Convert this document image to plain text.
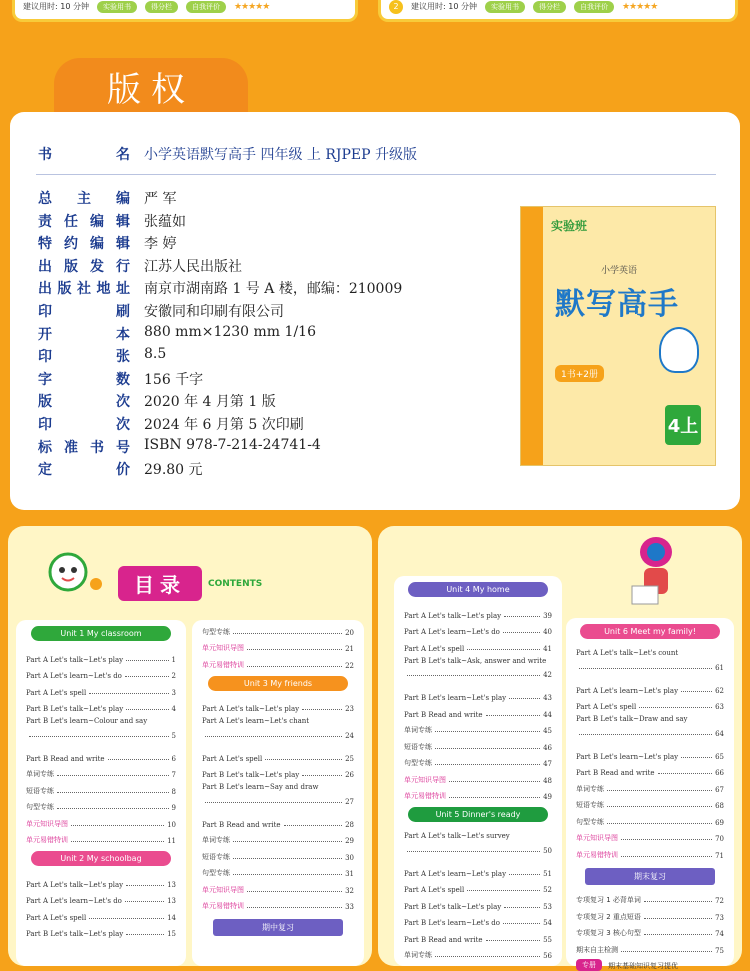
建议用时: 10 分钟	实验用书	得分栏	自我评价	★★★★★	2	建议用时: 10 分钟	实验用书	得分栏	自我评价	★★★★★
版权
书 名 小学英语默写高手 四年级 上 RJPEP 升级版
总主编 严 军
责任编辑 张蕴如
特约编辑 李 婷
出版发行 江苏人民出版社
出版社地址 南京市湖南路 1 号 A 楼，邮编：210009
印 刷 安徽同和印刷有限公司
开 本 880 mm×1230 mm 1/16
印 张 8.5
字 数 156 千字
版 次 2020 年 4 月第 1 版
印 次 2024 年 6 月第 5 次印刷
标准书号 ISBN 978-7-214-24741-4
定 价 29.80 元
实验班
小学英语
默写高手
1书+2册
4上
目录	CONTENTS
Unit 1 My classroom
Part A Let's talk~Let's play	1
Part A Let's learn~Let's do	2
Part A Let's spell	3
Part B Let's talk~Let's play	4
Part B Let's learn~Colour and say
5
Part B Read and write	6
单词专练	7
短语专练	8
句型专练	9
单元知识导图	10
单元易错特训	11
Unit 2 My schoolbag
Part A Let's talk~Let's play	13
Part A Let's learn~Let's do	13
Part A Let's spell	14
Part B Let's talk~Let's play	15
句型专练	20
单元知识导图	21
单元易错特训	22
Unit 3 My friends
Part A Let's talk~Let's play	23
Part A Let's learn~Let's chant
24
Part A Let's spell	25
Part B Let's talk~Let's play	26
Part B Let's learn~Say and draw
27
Part B Read and write	28
单词专练	29
短语专练	30
句型专练	31
单元知识导图	32
单元易错特训	33
期中复习
Unit 4 My home
Part A Let's talk~Let's play	39
Part A Let's learn~Let's do	40
Part A Let's spell	41
Part B Let's talk~Ask, answer and write
42
Part B Let's learn~Let's play	43
Part B Read and write	44
单词专练	45
短语专练	46
句型专练	47
单元知识导图	48
单元易错特训	49
Unit 5 Dinner's ready
Part A Let's talk~Let's survey
50
Part A Let's learn~Let's play	51
Part A Let's spell	52
Part B Let's talk~Let's play	53
Part B Let's learn~Let's do	54
Part B Read and write	55
单词专练	56
Unit 6 Meet my family!
Part A Let's talk~Let's count
61
Part A Let's learn~Let's play	62
Part A Let's spell	63
Part B Let's talk~Draw and say
64
Part B Let's learn~Let's play	65
Part B Read and write	66
单词专练	67
短语专练	68
句型专练	69
单元知识导图	70
单元易错特训	71
期末复习
专项复习 1 必背单词	72
专项复习 2 重点短语	73
专项复习 3 核心句型	74
期末自主检测	75
专册	期末基础知识复习提优
